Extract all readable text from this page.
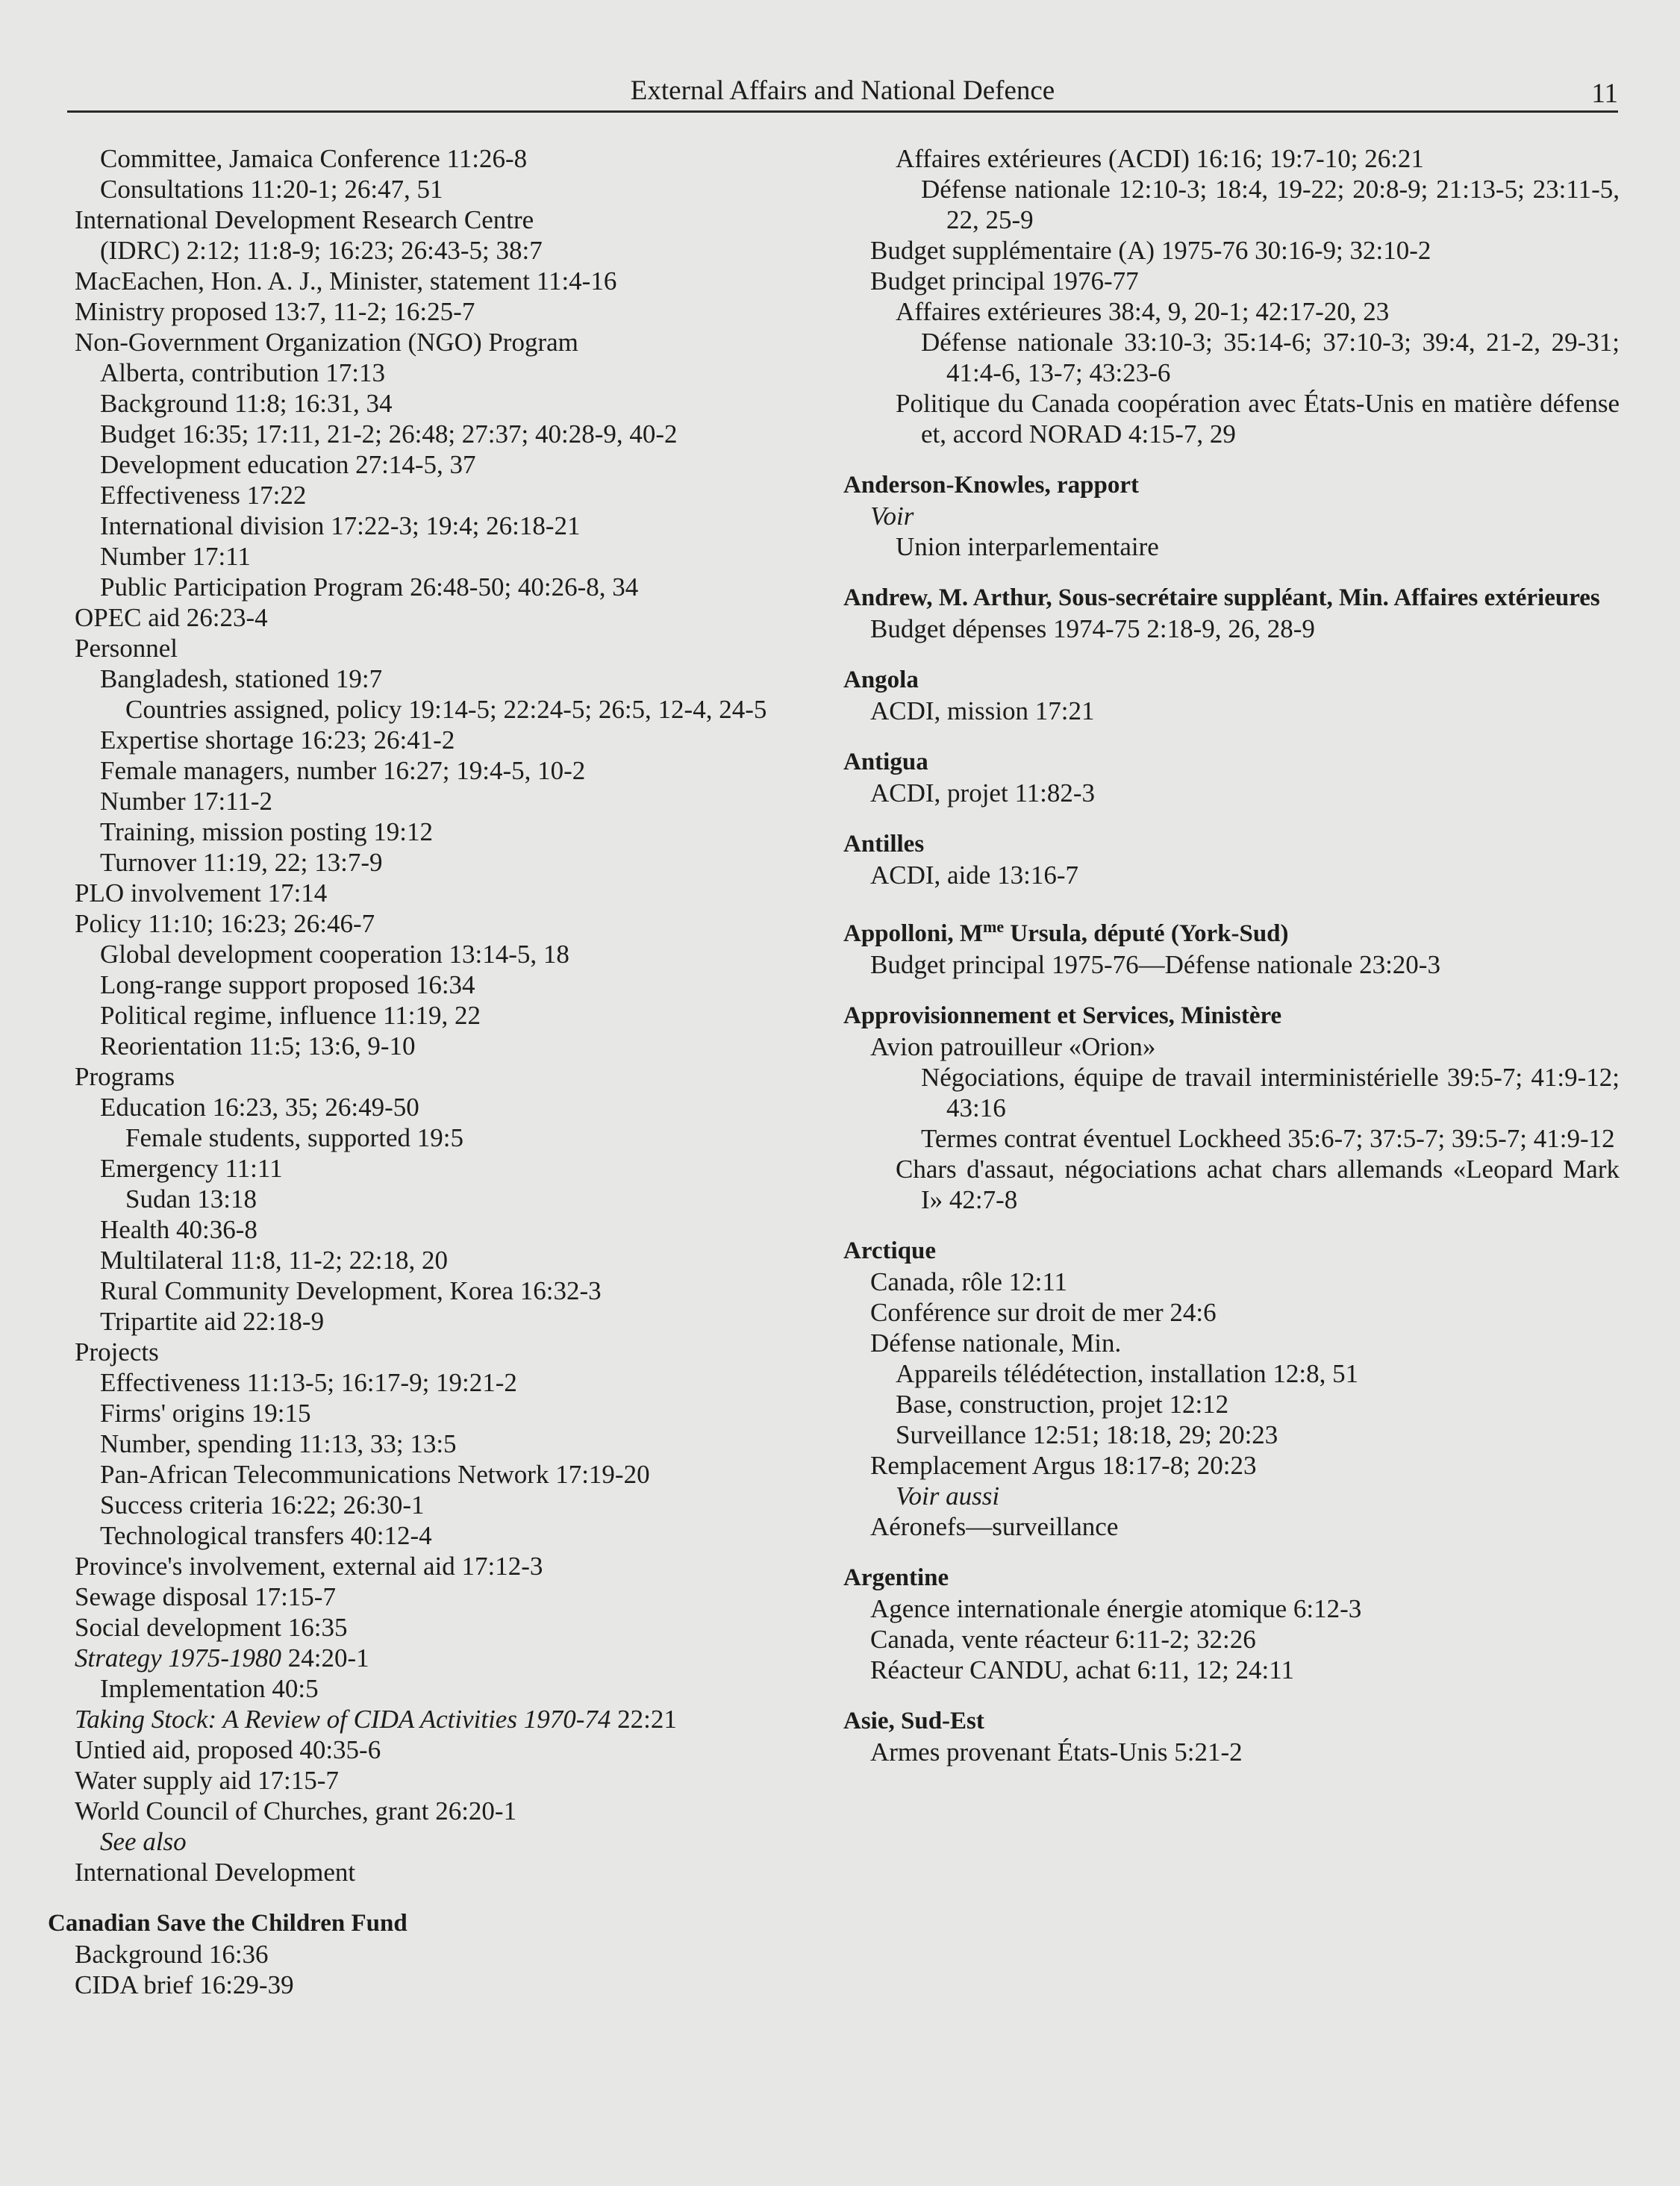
External Affairs and National Defence	11
Committee, Jamaica Conference 11:26-8
Consultations 11:20-1; 26:47, 51
International Development Research Centre
(IDRC) 2:12; 11:8-9; 16:23; 26:43-5; 38:7
MacEachen, Hon. A. J., Minister, statement 11:4-16
Ministry proposed 13:7, 11-2; 16:25-7
Non-Government Organization (NGO) Program
Alberta, contribution 17:13
Background 11:8; 16:31, 34
Budget 16:35; 17:11, 21-2; 26:48; 27:37; 40:28-9, 40-2
Development education 27:14-5, 37
Effectiveness 17:22
International division 17:22-3; 19:4; 26:18-21
Number 17:11
Public Participation Program 26:48-50; 40:26-8, 34
OPEC aid 26:23-4
Personnel
Bangladesh, stationed 19:7
Countries assigned, policy 19:14-5; 22:24-5; 26:5, 12-4, 24-5
Expertise shortage 16:23; 26:41-2
Female managers, number 16:27; 19:4-5, 10-2
Number 17:11-2
Training, mission posting 19:12
Turnover 11:19, 22; 13:7-9
PLO involvement 17:14
Policy 11:10; 16:23; 26:46-7
Global development cooperation 13:14-5, 18
Long-range support proposed 16:34
Political regime, influence 11:19, 22
Reorientation 11:5; 13:6, 9-10
Programs
Education 16:23, 35; 26:49-50
Female students, supported 19:5
Emergency 11:11
Sudan 13:18
Health 40:36-8
Multilateral 11:8, 11-2; 22:18, 20
Rural Community Development, Korea 16:32-3
Tripartite aid 22:18-9
Projects
Effectiveness 11:13-5; 16:17-9; 19:21-2
Firms' origins 19:15
Number, spending 11:13, 33; 13:5
Pan-African Telecommunications Network 17:19-20
Success criteria 16:22; 26:30-1
Technological transfers 40:12-4
Province's involvement, external aid 17:12-3
Sewage disposal 17:15-7
Social development 16:35
Strategy 1975-1980 24:20-1
Implementation 40:5
Taking Stock: A Review of CIDA Activities 1970-74 22:21
Untied aid, proposed 40:35-6
Water supply aid 17:15-7
World Council of Churches, grant 26:20-1
See also
International Development
Canadian Save the Children Fund
Background 16:36
CIDA brief 16:29-39
Affaires extérieures (ACDI) 16:16; 19:7-10; 26:21
Défense nationale 12:10-3; 18:4, 19-22; 20:8-9; 21:13-5; 23:11-5, 22, 25-9
Budget supplémentaire (A) 1975-76 30:16-9; 32:10-2
Budget principal 1976-77
Affaires extérieures 38:4, 9, 20-1; 42:17-20, 23
Défense nationale 33:10-3; 35:14-6; 37:10-3; 39:4, 21-2, 29-31; 41:4-6, 13-7; 43:23-6
Politique du Canada coopération avec États-Unis en matière défense et, accord NORAD 4:15-7, 29
Anderson-Knowles, rapport
Voir
Union interparlementaire
Andrew, M. Arthur, Sous-secrétaire suppléant, Min. Affaires extérieures
Budget dépenses 1974-75 2:18-9, 26, 28-9
Angola
ACDI, mission 17:21
Antigua
ACDI, projet 11:82-3
Antilles
ACDI, aide 13:16-7
Appolloni, $M^{me}$ Ursula, député (York-Sud)
Budget principal 1975-76—Défense nationale 23:20-3
Approvisionnement et Services, Ministère
Avion patrouilleur «Orion»
Négociations, équipe de travail interministérielle 39:5-7; 41:9-12; 43:16
Termes contrat éventuel Lockheed 35:6-7; 37:5-7; 39:5-7; 41:9-12
Chars d'assaut, négociations achat chars allemands «Leopard Mark I» 42:7-8
Arctique
Canada, rôle 12:11
Conférence sur droit de mer 24:6
Défense nationale, Min.
Appareils télédétection, installation 12:8, 51
Base, construction, projet 12:12
Surveillance 12:51; 18:18, 29; 20:23
Remplacement Argus 18:17-8; 20:23
Voir aussi
Aéronefs—surveillance
Argentine
Agence internationale énergie atomique 6:12-3
Canada, vente réacteur 6:11-2; 32:26
Réacteur CANDU, achat 6:11, 12; 24:11
Asie, Sud-Est
Armes provenant États-Unis 5:21-2
